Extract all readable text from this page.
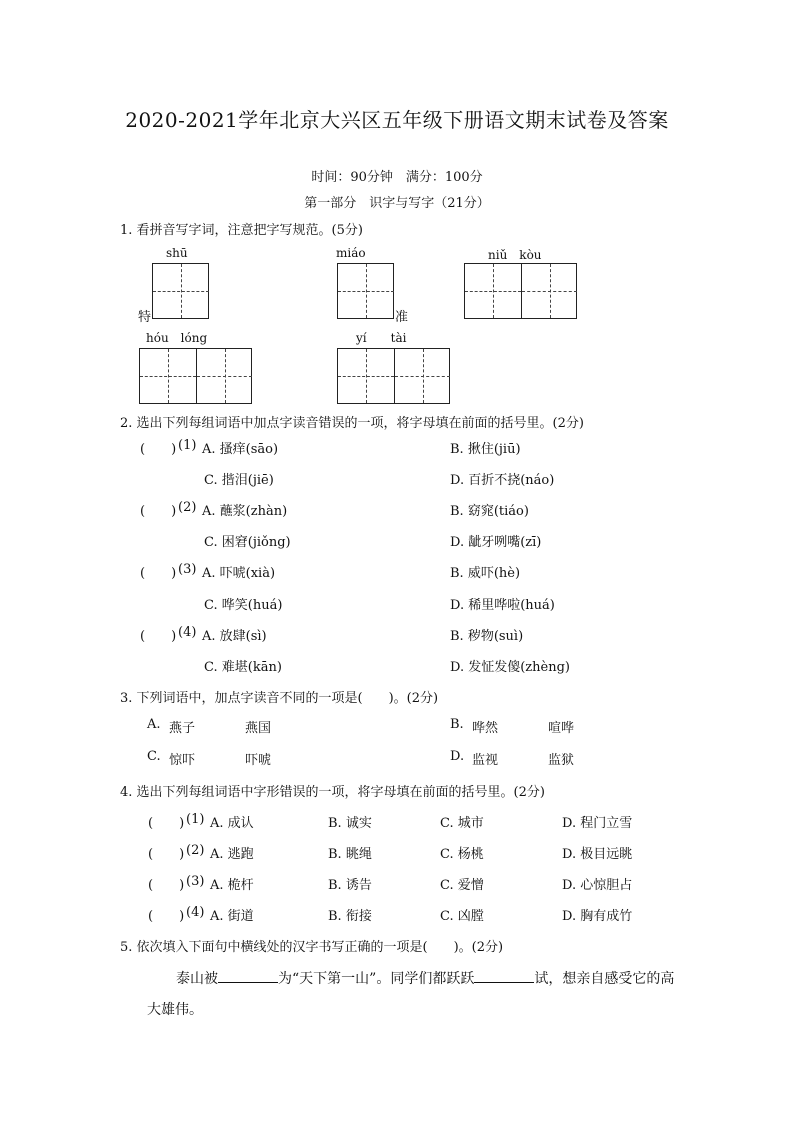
2020-2021学年北京大兴区五年级下册语文期末试卷及答案
时间：90分钟　满分：100分
第一部分　识字与写字（21分）
1. 看拼音写字词，注意把字写规范。(5分)
shū
特
miáo
准
niǔ　kòu
hóu　lóng	yí　　tài
2. 选出下列每组词语中加点字读音错误的一项，将字母填在前面的括号里。(2分)
(　　) (1) A. 搔痒(sāo)	B. 揪住(jiū)
C. 揩泪(jiē)	D. 百折不挠(náo)
(　　) (2) A. 蘸浆(zhàn)	B. 窈窕(tiáo)
C. 困窘(jiǒng)	D. 龇牙咧嘴(zī)
(　　) (3) A. 吓唬(xià)	B. 威吓(hè)
C. 哗笑(huá)	D. 稀里哗啦(huá)
(　　) (4) A. 放肆(sì)	B. 秽物(suì)
C. 难堪(kān)	D. 发怔发傻(zhèng)
3. 下列词语中，加点字读音不同的一项是(　　)。(2分)
A. 燕子	燕国	B. 哗然	喧哗
C. 惊吓	吓唬	D. 监视	监狱
4. 选出下列每组词语中字形错误的一项，将字母填在前面的括号里。(2分)
(　　) (1) A. 成认	B. 诚实	C. 城市	D. 程门立雪
(　　) (2) A. 逃跑	B. 眺绳	C. 杨桃	D. 极目远眺
(　　) (3) A. 桅杆	B. 诱告	C. 爱憎	D. 心惊胆占
(　　) (4) A. 街道	B. 衔接	C. 凶膛	D. 胸有成竹
5. 依次填入下面句中横线处的汉字书写正确的一项是(　　)。(2分)
泰山被	为“天下第一山”。同学们都跃跃	试，想亲自感受它的高
大雄伟。
